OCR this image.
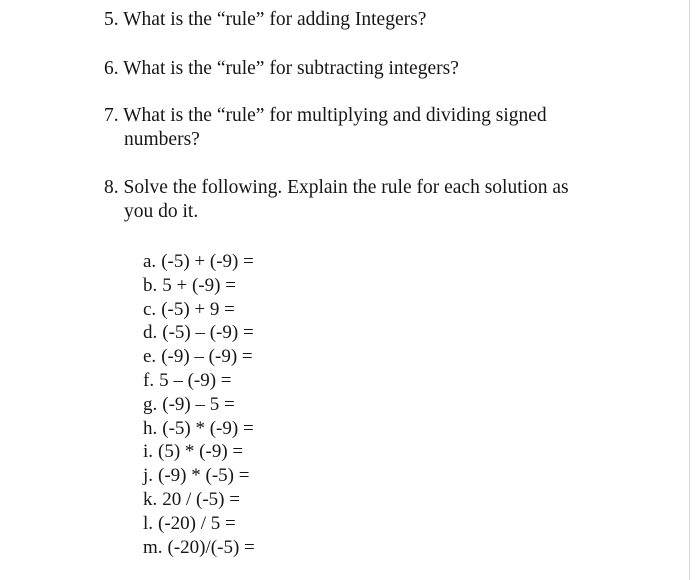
5. What is the “rule” for adding Integers?
6. What is the “rule” for subtracting integers?
7. What is the “rule” for multiplying and dividing signed
numbers?
8. Solve the following. Explain the rule for each solution as
you do it.
a. (-5) + (-9) =
b. 5 + (-9) =
c. (-5) + 9 =
d. (-5) – (-9) =
e. (-9) – (-9) =
f. 5 – (-9) =
g. (-9) – 5 =
h. (-5) * (-9) =
i. (5) * (-9) =
j. (-9) * (-5) =
k. 20 / (-5) =
l. (-20) / 5 =
m. (-20)/(-5) =
